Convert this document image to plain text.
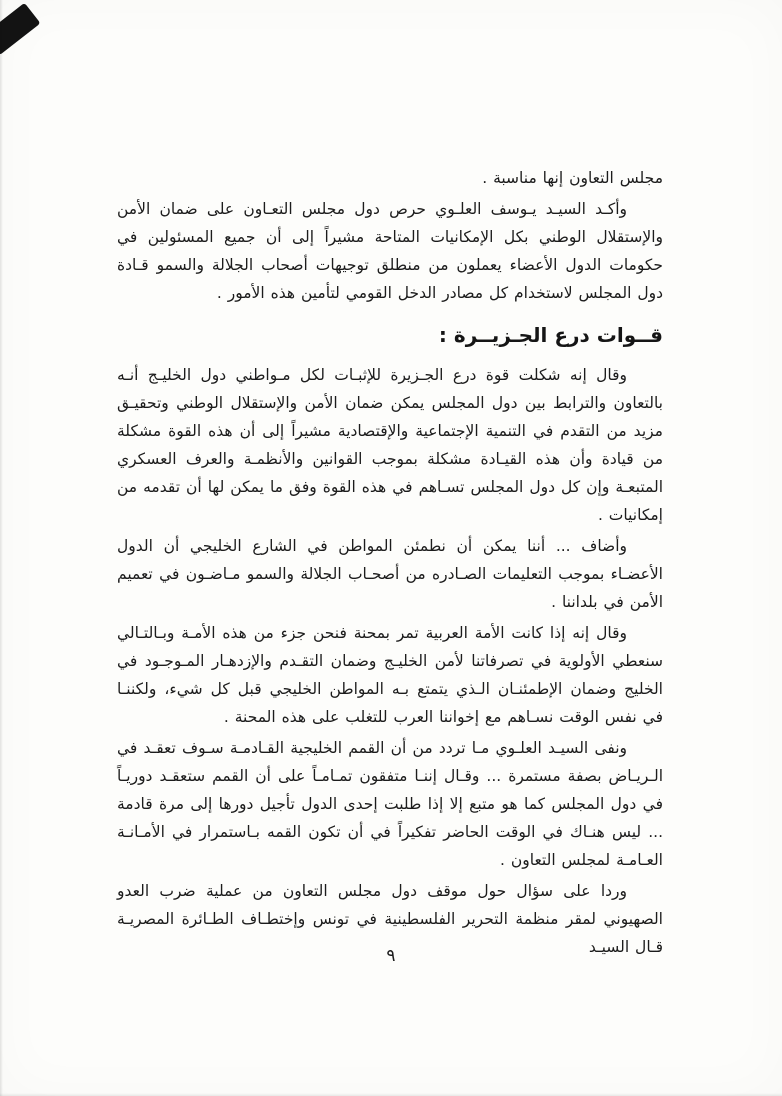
مجلس التعاون إنها مناسبة .

وأكـد السيـد يـوسف العلـوي حرص دول مجلس التعـاون على ضمان الأمن والإستقلال الوطني بكل الإمكانيات المتاحة مشيراً إلى أن جميع المسئولين في حكومات الدول الأعضاء يعملون من منطلق توجيهات أصحاب الجلالة والسمو قـادة دول المجلس لاستخدام كل مصادر الدخل القومي لتأمين هذه الأمور .

قــوات درع الجـزيــرة :

وقال إنه شكلت قوة درع الجـزيرة للإثبـات لكل مـواطني دول الخليـج أنـه بالتعاون والترابط بين دول المجلس يمكن ضمان الأمن والإستقلال الوطني وتحقيـق مزيد من التقدم في التنمية الإجتماعية والإقتصادية مشيراً إلى أن هذه القوة مشكلة من قيادة وأن هذه القيـادة مشكلة بموجب القوانين والأنظمـة والعرف العسكري المتبعـة وإن كل دول المجلس تسـاهم في هذه القوة وفق ما يمكن لها أن تقدمه من إمكانيات .

وأضاف ... أننا يمكن أن نطمئن المواطن في الشارع الخليجي أن الدول الأعضـاء بموجب التعليمات الصـادره من أصحـاب الجلالة والسمو مـاضـون في تعميم الأمن في بلداننا .

وقال إنه إذا كانت الأمة العربية تمر بمحنة فنحن جزء من هذه الأمـة وبـالتـالي سنعطي الأولوية في تصرفاتنا لأمن الخليـج وضمان التقـدم والإزدهـار المـوجـود في الخليج وضمان الإطمئنـان الـذي يتمتع بـه المواطن الخليجي قبل كل شيء، ولكننـا في نفس الوقت نسـاهم مع إخواننا العرب للتغلب على هذه المحنة .

ونفى السيـد العلـوي مـا تردد من أن القمم الخليجية القـادمـة سـوف تعقـد في الـريـاض بصفة مستمرة ... وقـال إننـا متفقون تمـامـاً على أن القمم ستعقـد دوريـاً في دول المجلس كما هو متبع إلا إذا طلبت إحدى الدول تأجيل دورها إلى مرة قادمة ... ليس هنـاك في الوقت الحاضر تفكيراً في أن تكون القمه بـاستمرار في الأمـانـة العـامـة لمجلس التعاون .

وردا على سؤال حول موقف دول مجلس التعاون من عملية ضرب العدو الصهيوني لمقر منظمة التحرير الفلسطينية في تونس وإختطـاف الطـائرة المصريـة قـال السيـد

٩
